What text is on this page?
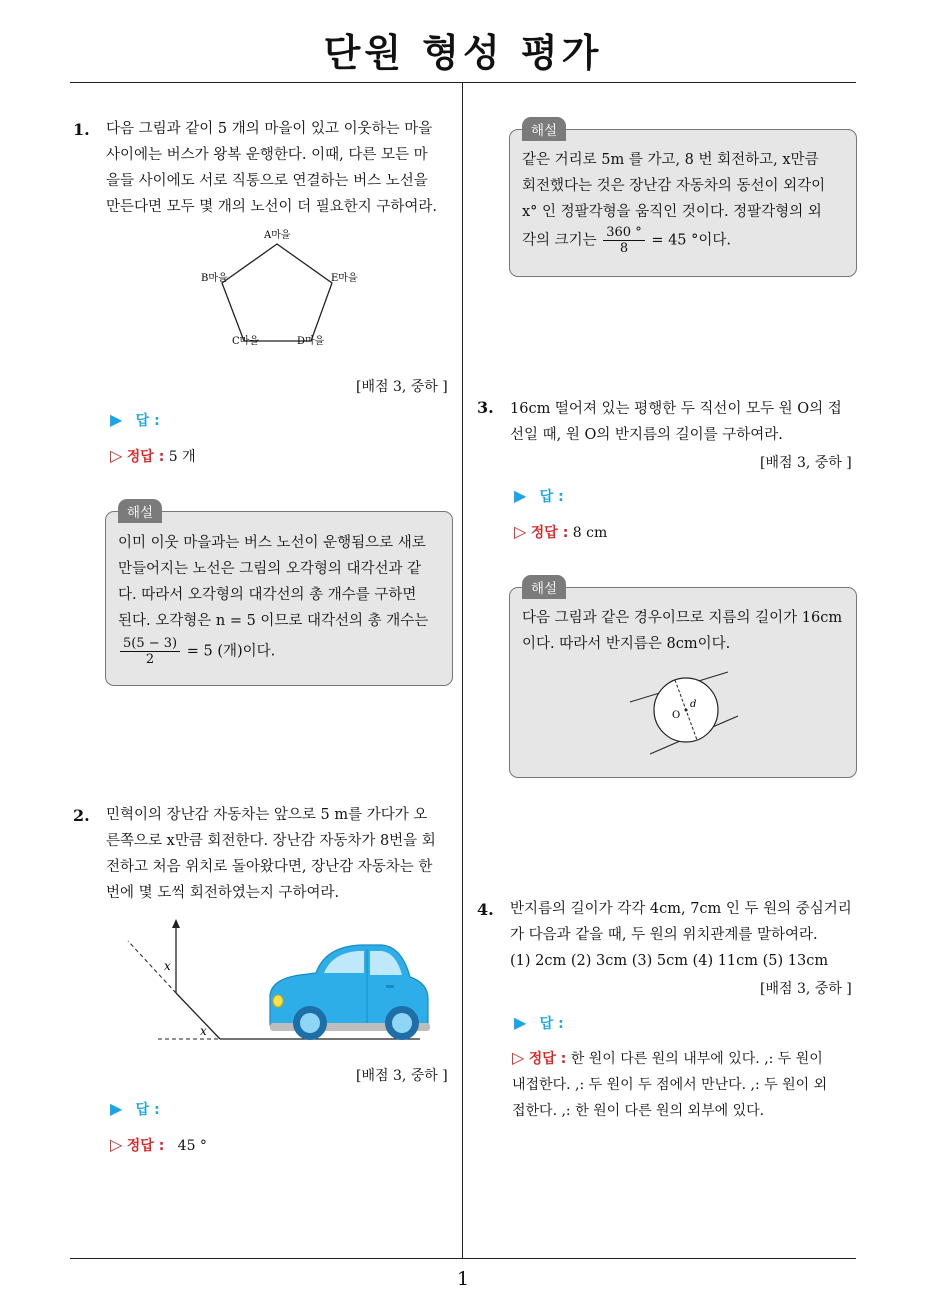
단원 형성 평가
1
1. 다음 그림과 같이 5 개의 마을이 있고 이웃하는 마을
사이에는 버스가 왕복 운행한다. 이때, 다른 모든 마
을들 사이에도 서로 직통으로 연결하는 버스 노선을
만든다면 모두 몇 개의 노선이 더 필요한지 구하여라.
A마을
B마을	E마을
C마을	D마을
[배점 3, 중하 ]
▶ 답 :
▷ 정답 : 5 개
해설
이미 이웃 마을과는 버스 노선이 운행됨으로 새로
만들어지는 노선은 그림의 오각형의 대각선과 같
다. 따라서 오각형의 대각선의 총 개수를 구하면
된다. 오각형은 n = 5 이므로 대각선의 총 개수는
$\frac{5(5 - 3)}{2} = 5$ (개)이다.
2. 민혁이의 장난감 자동차는 앞으로 5 m를 가다가 오
른쪽으로 x만큼 회전한다. 장난감 자동차가 8번을 회
전하고 처음 위치로 돌아왔다면, 장난감 자동차는 한
번에 몇 도씩 회전하였는지 구하여라.
x
x
[배점 3, 중하 ]
▶ 답 :
▷ 정답 : 45 °
해설
같은 거리로 5m 를 가고, 8 번 회전하고, x만큼
회전했다는 것은 장난감 자동차의 동선이 외각이
x° 인 정팔각형을 움직인 것이다. 정팔각형의 외
각의 크기는 $\frac{360 ^\circ}{8} = 45$ °이다.
3. 16cm 떨어져 있는 평행한 두 직선이 모두 원 O의 접
선일 때, 원 O의 반지름의 길이를 구하여라.
[배점 3, 중하 ]
▶ 답 :
▷ 정답 : 8 cm
해설
다음 그림과 같은 경우이므로 지름의 길이가 16cm
이다. 따라서 반지름은 8cm이다.
O
d
4. 반지름의 길이가 각각 4cm, 7cm 인 두 원의 중심거리
가 다음과 같을 때, 두 원의 위치관계를 말하여라.
(1) 2cm (2) 3cm (3) 5cm (4) 11cm (5) 13cm
[배점 3, 중하 ]
▶ 답 :
▷ 정답 : 한 원이 다른 원의 내부에 있다. ,: 두 원이
내접한다. ,: 두 원이 두 점에서 만난다. ,: 두 원이 외
접한다. ,: 한 원이 다른 원의 외부에 있다.
